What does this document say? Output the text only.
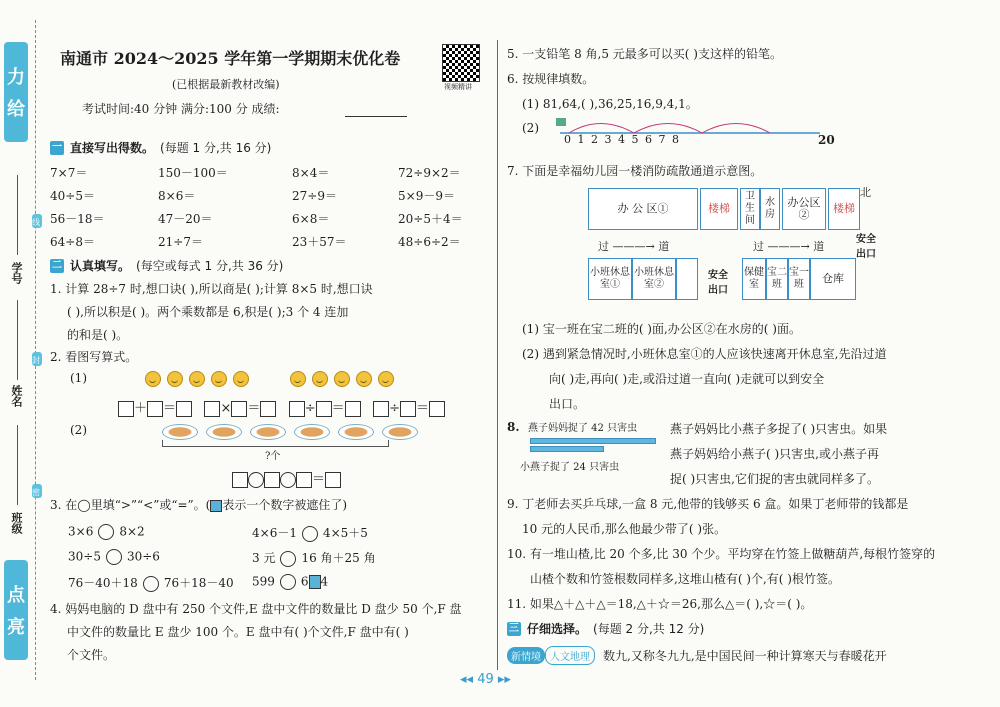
力
给
点
亮
学号
姓名
班级
线
封
密
南通市 2024～2025 学年第一学期期末优化卷
(已根据最新教材改编)
考试时间:40 分钟 满分:100 分 成绩:
视频精讲
一 直接写出得数。 (每题 1 分,共 16 分)
7×7＝	150－100＝	8×4＝	72÷9×2＝
40÷5＝	8×6＝	27÷9＝	5×9－9＝
56－18＝	47－20＝	6×8＝	20÷5＋4＝
64÷8＝	21÷7＝	23＋57＝	48÷6÷2＝
二 认真填写。 (每空或每式 1 分,共 36 分)
1. 计算 28÷7 时,想口诀( ),所以商是( );计算 8×5 时,想口诀
( ),所以积是( )。两个乘数都是 6,积是( );3 个 4 连加
的和是( )。
2. 看图写算式。
(1)
＋ ＝	× ＝	÷ ＝	÷ ＝
(2)
?个
＝
3. 在◯里填“>”“<”或“=”。( 表示一个数字被遮住了)
3×6 8×2	4×6－1 4×5＋5
30÷5 30÷6	3 元 16 角＋25 角
76－40＋18 76＋18－40 599 6 4
4. 妈妈电脑的 D 盘中有 250 个文件,E 盘中文件的数量比 D 盘少 50 个,F 盘
中文件的数量比 E 盘少 100 个。E 盘中有( )个文件,F 盘中有( )
个文件。
5. 一支铅笔 8 角,5 元最多可以买( )支这样的铅笔。
6. 按规律填数。
(1) 81,64,( ),36,25,16,9,4,1。
(2)
0 1 2 3 4 5 6 7 8	20
7. 下面是幸福幼儿园一楼消防疏散通道示意图。
办 公 区①	楼梯
卫生间
水房
办公区②	楼梯
北
过 ———→ 道	过 ———→ 道
安全出口
小班休息室①
小班休息室②
安全出口
保健室
宝二班
宝一班	仓库
(1) 宝一班在宝二班的( )面,办公区②在水房的( )面。
(2) 遇到紧急情况时,小班休息室①的人应该快速离开休息室,先沿过道
向( )走,再向( )走,或沿过道一直向( )走就可以到安全
出口。
8. 燕子妈妈捉了 42 只害虫
小燕子捉了 24 只害虫
燕子妈妈比小燕子多捉了( )只害虫。如果
燕子妈妈给小燕子( )只害虫,或小燕子再
捉( )只害虫,它们捉的害虫就同样多了。
9. 丁老师去买乒乓球,一盒 8 元,他带的钱够买 6 盒。如果丁老师带的钱都是
10 元的人民币,那么他最少带了( )张。
10. 有一堆山楂,比 20 个多,比 30 个少。平均穿在竹签上做糖葫芦,每根竹签穿的
山楂个数和竹签根数同样多,这堆山楂有( )个,有( )根竹签。
11. 如果△＋△＋△＝18,△＋☆＝26,那么△＝( ),☆＝( )。
三 仔细选择。 (每题 2 分,共 12 分)
新情境 人文地理 数九,又称冬九九,是中国民间一种计算寒天与春暖花开
◂◂ 49 ▸▸
